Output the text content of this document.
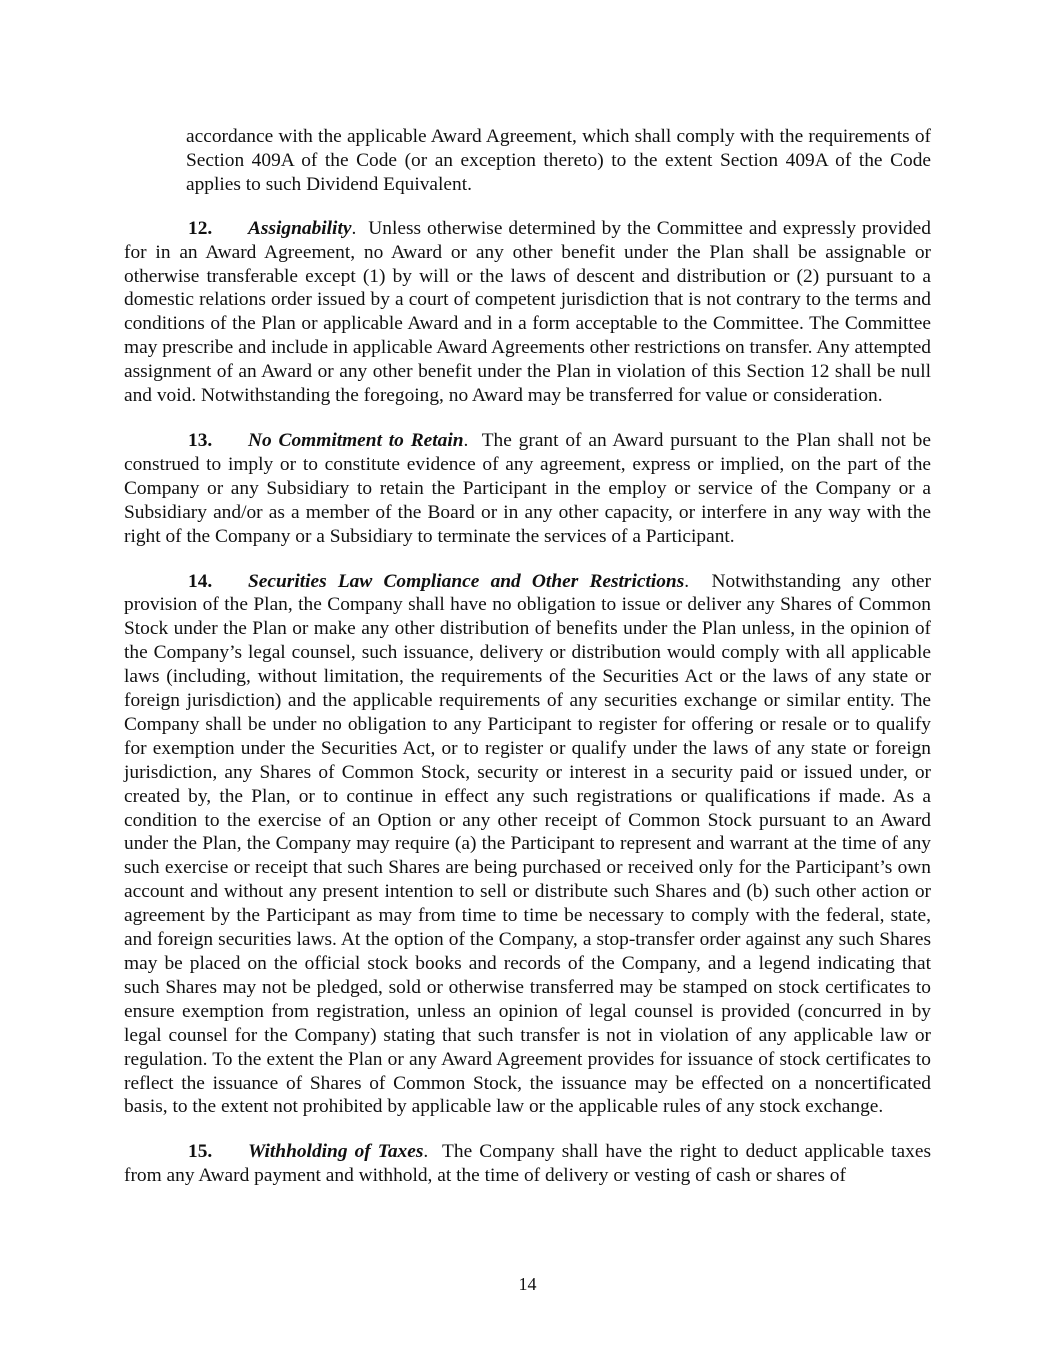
accordance with the applicable Award Agreement, which shall comply with the requirements of Section 409A of the Code (or an exception thereto) to the extent Section 409A of the Code applies to such Dividend Equivalent.

12. Assignability.  Unless otherwise determined by the Committee and expressly provided for in an Award Agreement, no Award or any other benefit under the Plan shall be assignable or otherwise transferable except (1) by will or the laws of descent and distribution or (2) pursuant to a domestic relations order issued by a court of competent jurisdiction that is not contrary to the terms and conditions of the Plan or applicable Award and in a form acceptable to the Committee. The Committee may prescribe and include in applicable Award Agreements other restrictions on transfer. Any attempted assignment of an Award or any other benefit under the Plan in violation of this Section 12 shall be null and void. Notwithstanding the foregoing, no Award may be transferred for value or consideration.

13. No Commitment to Retain.  The grant of an Award pursuant to the Plan shall not be construed to imply or to constitute evidence of any agreement, express or implied, on the part of the Company or any Subsidiary to retain the Participant in the employ or service of the Company or a Subsidiary and/or as a member of the Board or in any other capacity, or interfere in any way with the right of the Company or a Subsidiary to terminate the services of a Participant.

14. Securities Law Compliance and Other Restrictions.  Notwithstanding any other provision of the Plan, the Company shall have no obligation to issue or deliver any Shares of Common Stock under the Plan or make any other distribution of benefits under the Plan unless, in the opinion of the Company’s legal counsel, such issuance, delivery or distribution would comply with all applicable laws (including, without limitation, the requirements of the Securities Act or the laws of any state or foreign jurisdiction) and the applicable requirements of any securities exchange or similar entity. The Company shall be under no obligation to any Participant to register for offering or resale or to qualify for exemption under the Securities Act, or to register or qualify under the laws of any state or foreign jurisdiction, any Shares of Common Stock, security or interest in a security paid or issued under, or created by, the Plan, or to continue in effect any such registrations or qualifications if made. As a condition to the exercise of an Option or any other receipt of Common Stock pursuant to an Award under the Plan, the Company may require (a) the Participant to represent and warrant at the time of any such exercise or receipt that such Shares are being purchased or received only for the Participant’s own account and without any present intention to sell or distribute such Shares and (b) such other action or agreement by the Participant as may from time to time be necessary to comply with the federal, state, and foreign securities laws. At the option of the Company, a stop-transfer order against any such Shares may be placed on the official stock books and records of the Company, and a legend indicating that such Shares may not be pledged, sold or otherwise transferred may be stamped on stock certificates to ensure exemption from registration, unless an opinion of legal counsel is provided (concurred in by legal counsel for the Company) stating that such transfer is not in violation of any applicable law or regulation. To the extent the Plan or any Award Agreement provides for issuance of stock certificates to reflect the issuance of Shares of Common Stock, the issuance may be effected on a noncertificated basis, to the extent not prohibited by applicable law or the applicable rules of any stock exchange.

15. Withholding of Taxes.  The Company shall have the right to deduct applicable taxes from any Award payment and withhold, at the time of delivery or vesting of cash or shares of

14
